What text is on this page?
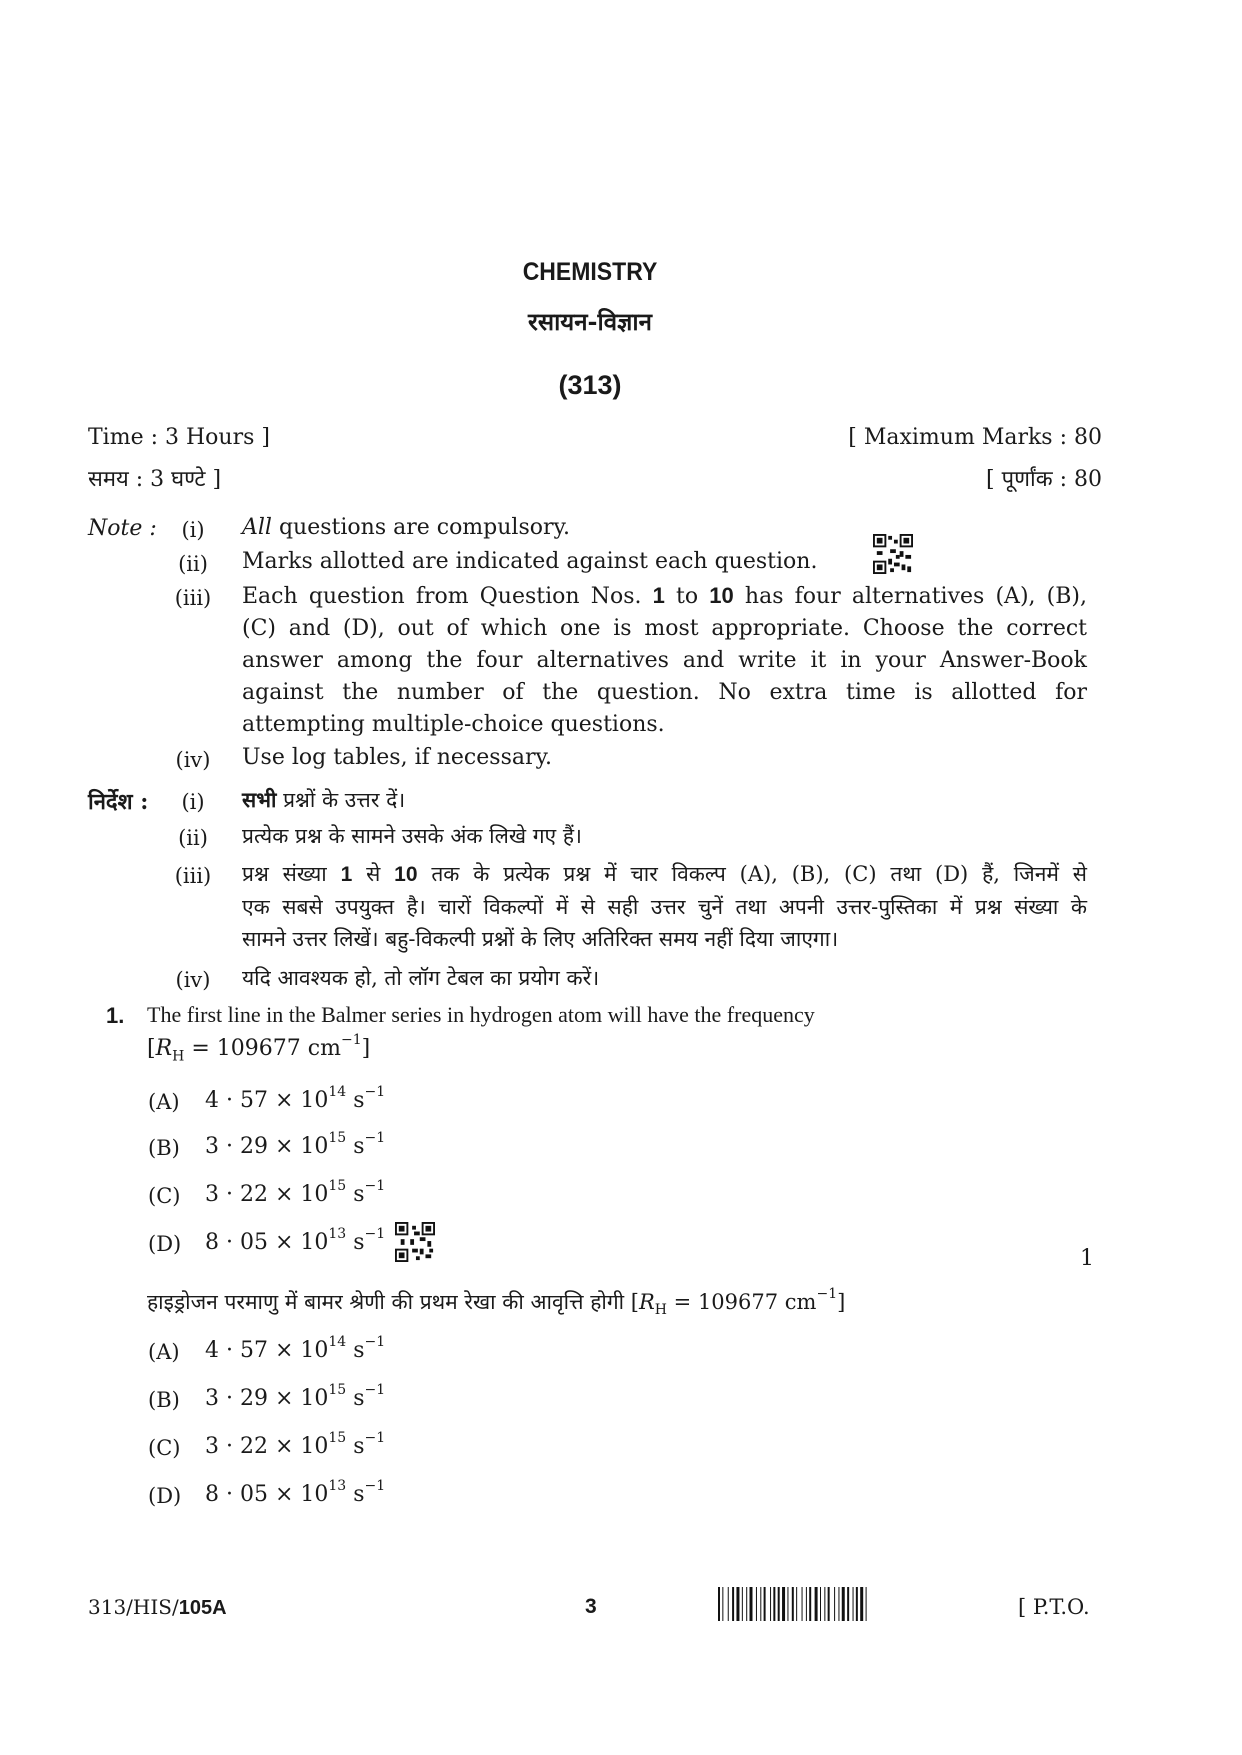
CHEMISTRY
रसायन-विज्ञान
(313)
Time : 3 Hours ]	[ Maximum Marks : 80
समय : 3 घण्टे ]	[ पूर्णांक : 80
Note :	(i)	All questions are compulsory.
(ii)	Marks allotted are indicated against each question.
(iii)	Each question from Question Nos. 1 to 10 has four alternatives (A), (B),
(C) and (D), out of which one is most appropriate. Choose the correct
answer among the four alternatives and write it in your Answer-Book
against the number of the question. No extra time is allotted for
attempting multiple-choice questions.
(iv)	Use log tables, if necessary.
निर्देश :	(i)	सभी प्रश्नों के उत्तर दें।
(ii)	प्रत्येक प्रश्न के सामने उसके अंक लिखे गए हैं।
(iii)	प्रश्न संख्या 1 से 10 तक के प्रत्येक प्रश्न में चार विकल्प (A), (B), (C) तथा (D) हैं, जिनमें से
एक सबसे उपयुक्त है। चारों विकल्पों में से सही उत्तर चुनें तथा अपनी उत्तर-पुस्तिका में प्रश्न संख्या के
सामने उत्तर लिखें। बहु-विकल्पी प्रश्नों के लिए अतिरिक्त समय नहीं दिया जाएगा।
(iv)	यदि आवश्यक हो, तो लॉग टेबल का प्रयोग करें।
1. The first line in the Balmer series in hydrogen atom will have the frequency
[$R_H = 109677$ $cm^{-1}$]
(A) $4 \cdot 57 \times 10^{14}$ $s^{-1}$
(B) $3 \cdot 29 \times 10^{15}$ $s^{-1}$
(C) $3 \cdot 22 \times 10^{15}$ $s^{-1}$
(D) $8 \cdot 05 \times 10^{13}$ $s^{-1}$
1
हाइड्रोजन परमाणु में बामर श्रेणी की प्रथम रेखा की आवृत्ति होगी [$R_H = 109677$ $cm^{-1}$]
(A) $4 \cdot 57 \times 10^{14}$ $s^{-1}$
(B) $3 \cdot 29 \times 10^{15}$ $s^{-1}$
(C) $3 \cdot 22 \times 10^{15}$ $s^{-1}$
(D) $8 \cdot 05 \times 10^{13}$ $s^{-1}$
313/HIS/105A	3	[ P.T.O.
